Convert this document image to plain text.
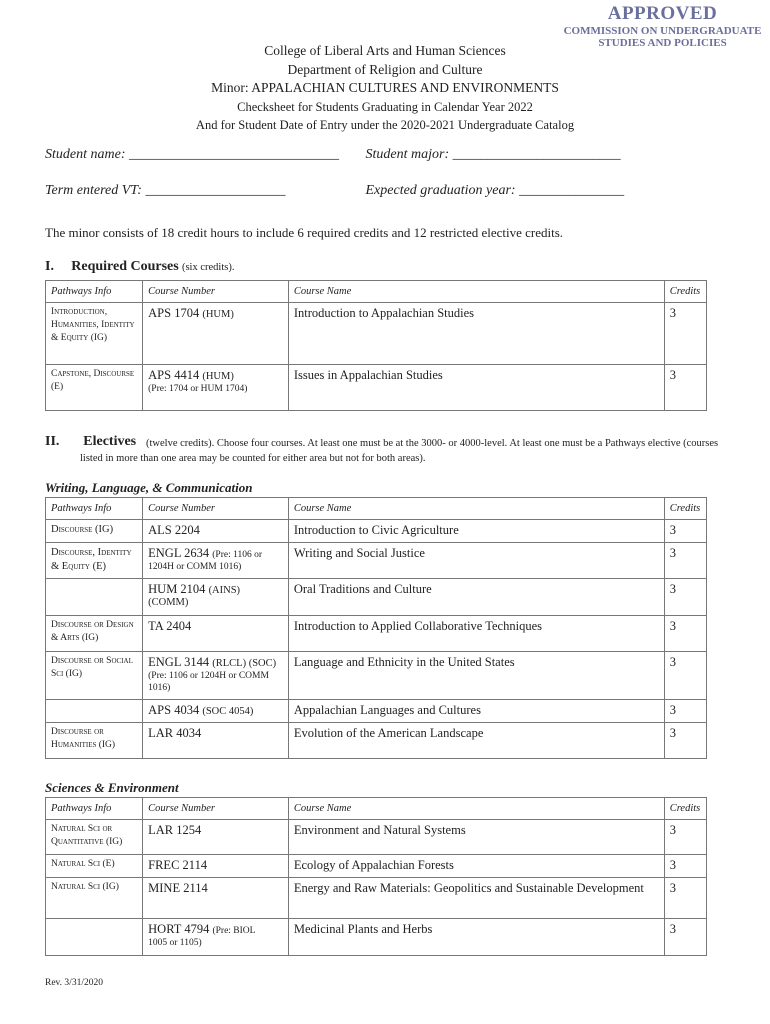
APPROVED
COMMISSION ON UNDERGRADUATE
STUDIES AND POLICIES
College of Liberal Arts and Human Sciences
Department of Religion and Culture
Minor: APPALACHIAN CULTURES AND ENVIRONMENTS
Checksheet for Students Graduating in Calendar Year 2022
And for Student Date of Entry under the 2020-2021 Undergraduate Catalog
Student name: ______________________________ Student major: ________________________
Term entered VT: ____________________	Expected graduation year: _______________
The minor consists of 18 credit hours to include 6 required credits and 12 restricted elective credits.
I. Required Courses (six credits).
Pathways Info	Course Number	Course Name	Credits
Introduction, Humanities, Identity & Equity (IG)	APS 1704 (HUM)	Introduction to Appalachian Studies	3
Capstone, Discourse (E)	APS 4414 (HUM)
(Pre: 1704 or HUM 1704)	Issues in Appalachian Studies	3
II. Electives (twelve credits). Choose four courses. At least one must be at the 3000- or 4000-level. At least one must be a Pathways elective (courses listed in more than one area may be counted for either area but not for both areas).
Writing, Language, & Communication
Pathways Info	Course Number	Course Name	Credits
Discourse (IG)	ALS 2204	Introduction to Civic Agriculture	3
Discourse, Identity & Equity (E)	ENGL 2634 (Pre: 1106 or
1204H or COMM 1016)	Writing and Social Justice	3
	HUM 2104 (AINS)
(COMM)	Oral Traditions and Culture	3
Discourse or Design & Arts (IG)	TA 2404	Introduction to Applied Collaborative Techniques	3
Discourse or Social Sci (IG)	ENGL 3144 (RLCL) (SOC)
(Pre: 1106 or 1204H or COMM 1016)	Language and Ethnicity in the United States	3
	APS 4034 (SOC 4054)	Appalachian Languages and Cultures	3
Discourse or Humanities (IG)	LAR 4034	Evolution of the American Landscape	3
Sciences & Environment
Pathways Info	Course Number	Course Name	Credits
Natural Sci or Quantitative (IG)	LAR 1254	Environment and Natural Systems	3
Natural Sci (E)	FREC 2114	Ecology of Appalachian Forests	3
Natural Sci (IG)	MINE 2114	Energy and Raw Materials: Geopolitics and Sustainable Development	3
	HORT 4794 (Pre: BIOL
1005 or 1105)	Medicinal Plants and Herbs	3
Rev. 3/31/2020
